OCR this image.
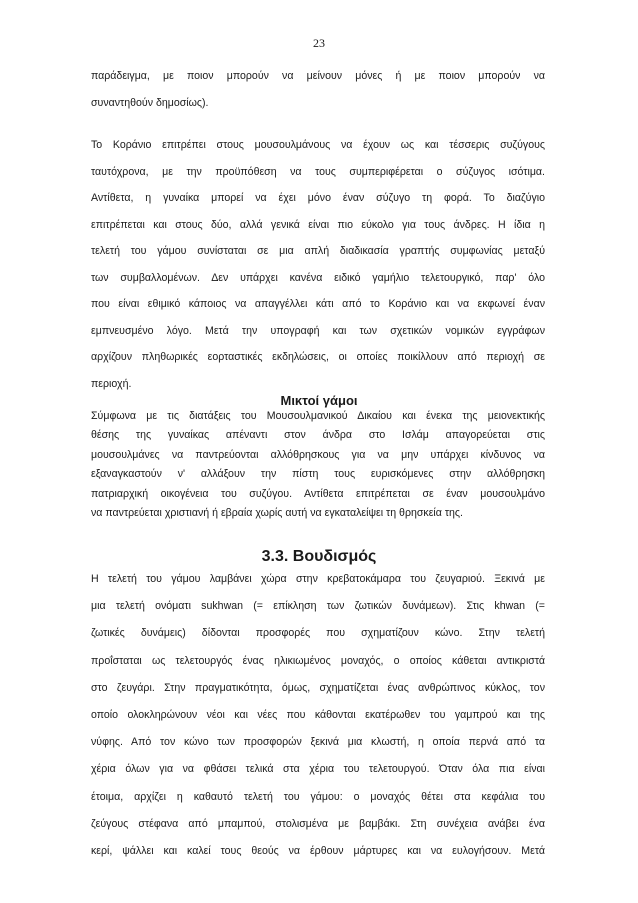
23
παράδειγμα, με ποιον μπορούν να μείνουν μόνες ή με ποιον μπορούν να
συναντηθούν δημοσίως).
Το Κοράνιο επιτρέπει στους μουσουλμάνους να έχουν ως και τέσσερις συζύγους
ταυτόχρονα, με την προϋπόθεση να τους συμπεριφέρεται ο σύζυγος ισότιμα.
Αντίθετα, η γυναίκα μπορεί να έχει μόνο έναν σύζυγο τη φορά. Το διαζύγιο
επιτρέπεται και στους δύο, αλλά γενικά είναι πιο εύκολο για τους άνδρες. Η ίδια η
τελετή του γάμου συνίσταται σε μια απλή διαδικασία γραπτής συμφωνίας μεταξύ
των συμβαλλομένων. Δεν υπάρχει κανένα ειδικό γαμήλιο τελετουργικό, παρ' όλο
που είναι εθιμικό κάποιος να απαγγέλλει κάτι από το Κοράνιο και να εκφωνεί έναν
εμπνευσμένο λόγο. Μετά την υπογραφή και των σχετικών νομικών εγγράφων
αρχίζουν πληθωρικές εορταστικές εκδηλώσεις, οι οποίες ποικίλλουν από περιοχή σε
περιοχή.
Μικτοί γάμοι
Σύμφωνα με τις διατάξεις του Μουσουλμανικού Δικαίου και ένεκα της μειονεκτικής
θέσης της γυναίκας απέναντι στον άνδρα στο Ισλάμ απαγορεύεται στις
μουσουλμάνες να παντρεύονται αλλόθρησκους για να μην υπάρχει κίνδυνος να
εξαναγκαστούν ν' αλλάξουν την πίστη τους ευρισκόμενες στην αλλόθρησκη
πατριαρχική οικογένεια του συζύγου. Αντίθετα επιτρέπεται σε έναν μουσουλμάνο
να παντρεύεται χριστιανή ή εβραία χωρίς αυτή να εγκαταλείψει τη θρησκεία της.
3.3. Βουδισμός
Η τελετή του γάμου λαμβάνει χώρα στην κρεβατοκάμαρα του ζευγαριού. Ξεκινά με
μια τελετή ονόματι sukhwan (= επίκληση των ζωτικών δυνάμεων). Στις khwan (=
ζωτικές δυνάμεις) δίδονται προσφορές που σχηματίζουν κώνο. Στην τελετή
προΐσταται ως τελετουργός ένας ηλικιωμένος μοναχός, ο οποίος κάθεται αντικριστά
στο ζευγάρι. Στην πραγματικότητα, όμως, σχηματίζεται ένας ανθρώπινος κύκλος, τον
οποίο ολοκληρώνουν νέοι και νέες που κάθονται εκατέρωθεν του γαμπρού και της
νύφης. Από τον κώνο των προσφορών ξεκινά μια κλωστή, η οποία περνά από τα
χέρια όλων για να φθάσει τελικά στα χέρια του τελετουργού. Όταν όλα πια είναι
έτοιμα, αρχίζει η καθαυτό τελετή του γάμου: ο μοναχός θέτει στα κεφάλια του
ζεύγους στέφανα από μπαμπού, στολισμένα με βαμβάκι. Στη συνέχεια ανάβει ένα
κερί, ψάλλει και καλεί τους θεούς να έρθουν μάρτυρες και να ευλογήσουν. Μετά
